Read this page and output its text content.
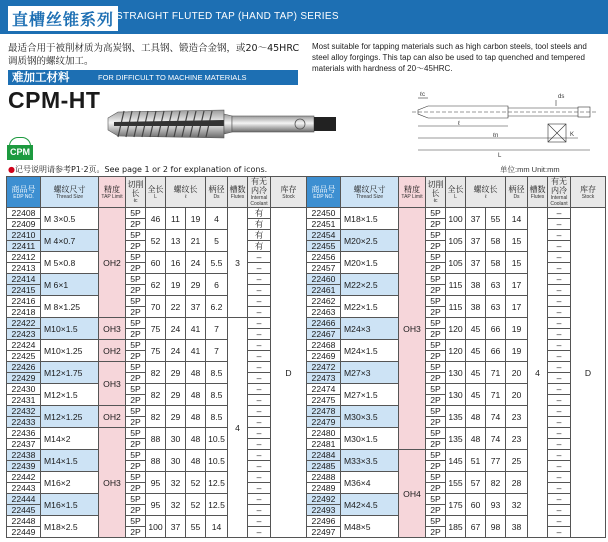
直槽丝锥系列 STRAIGHT FLUTED TAP (HAND TAP) SERIES
最适合用于被削材质为高炭钢、工具钢、锻造合金钢，或20～45HRC调质钢的螺纹加工。
Most suitable for tapping materials such as high carbon steels, tool steels and steel alloy forgings. This tap can also be used to tap quenched and tempered materials with hardness of 20～45HRC.
难加工材料	FOR DIFFICULT TO MACHINE MATERIALS
CPM-HT	ℓc	ds
ℓ
ℓn
L
K
CPM
●记号说明请参考P1·2页。See page 1 or 2 for explanation of icons.	单位:mm Unit:mm
商品号
EDP NO.	螺纹尺寸
Thread Size	精度
TAP Limit	切削长
ℓc	全长
L	螺纹长
ℓ		柄径
Ds	槽数
Flutes	有无内冷
Internal Coolant	库存
Stock

22408	M 3×0.5	OH2	5P	46	11	19	4	3	有	D
22409			2P						有	
22410	M 4×0.7		5P	52	13	21	5		有	
22411			2P						有	
22412	M 5×0.8		5P	60	16	24	5.5		–	
22413			2P						–	
22414	M 6×1		5P	62	19	29	6		–	
22415			2P						–	
22416	M 8×1.25		5P	70	22	37	6.2		–	
22418			2P						–	
22422	M10×1.5	OH3	5P	75	24	41	7	4	–	
22423			2P						–	
22424	M10×1.25	OH2	5P	75	24	41	7		–	
22425			2P						–	
22426	M12×1.75	OH3	5P	82	29	48	8.5		–	
22429			2P						–	
22430	M12×1.5		5P	82	29	48	8.5		–	
22431			2P						–	
22432	M12×1.25	OH2	5P	82	29	48	8.5		–	
22433			2P						–	
22436	M14×2	OH3	5P	88	30	48	10.5		–	
22437			2P						–	
22438	M14×1.5		5P	88	30	48	10.5		–	
22439			2P						–	
22442	M16×2		5P	95	32	52	12.5		–	
22443			2P						–	
22444	M16×1.5		5P	95	32	52	12.5		–	
22445			2P						–	
22448	M18×2.5		5P	100	37	55	14		–	
22449			2P						–	
商品号
EDP NO.	螺纹尺寸
Thread Size	精度
TAP Limit	切削长
ℓc	全长
L	螺纹长
ℓ		柄径
Ds	槽数
Flutes	有无内冷
Internal Coolant	库存
Stock

22450	M18×1.5	OH3	5P	100	37	55	14	4	–	D
22451			2P						–	
22454	M20×2.5		5P	105	37	58	15		–	
22455			2P						–	
22456	M20×1.5		5P	105	37	58	15		–	
22457			2P						–	
22460	M22×2.5		5P	115	38	63	17		–	
22461			2P						–	
22462	M22×1.5		5P	115	38	63	17		–	
22463			2P						–	
22466	M24×3		5P	120	45	66	19		–	
22467			2P						–	
22468	M24×1.5		5P	120	45	66	19		–	
22469			2P						–	
22472	M27×3		5P	130	45	71	20		–	
22473			2P						–	
22474	M27×1.5		5P	130	45	71	20		–	
22475			2P						–	
22478	M30×3.5		5P	135	48	74	23		–	
22479			2P						–	
22480	M30×1.5		5P	135	48	74	23		–	
22481			2P						–	
22484	M33×3.5	OH4	5P	145	51	77	25		–	
22485			2P						–	
22488	M36×4		5P	155	57	82	28		–	
22489			2P						–	
22492	M42×4.5		5P	175	60	93	32		–	
22493			2P						–	
22496	M48×5		5P	185	67	98	38		–	
22497			2P						–	
